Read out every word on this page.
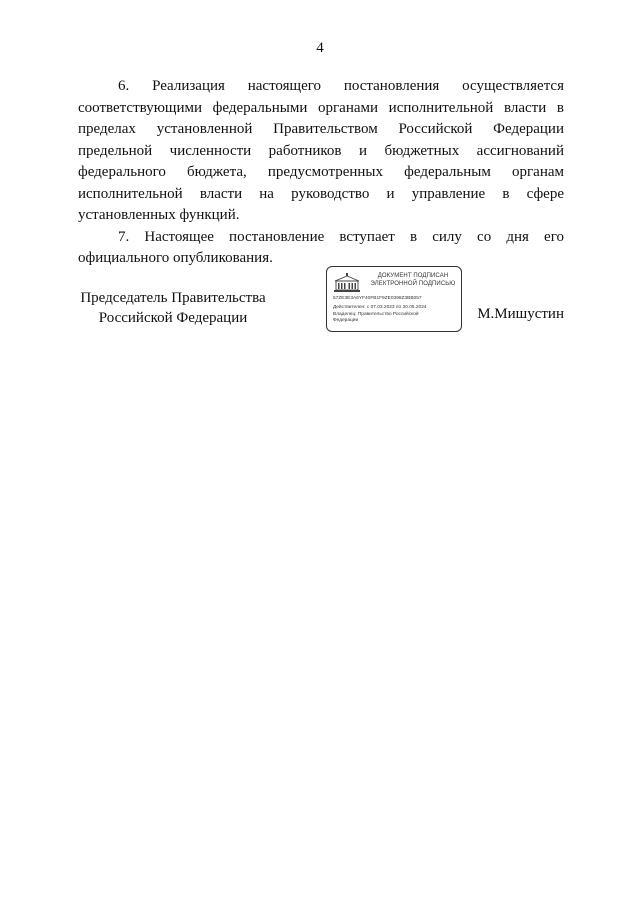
4

6. Реализация настоящего постановления осуществляется соответствующими федеральными органами исполнительной власти в пределах установленной Правительством Российской Федерации предельной численности работников и бюджетных ассигнований федерального бюджета, предусмотренных федеральным органам исполнительной власти на руководство и управление в сфере установленных функций.

7. Настоящее постановление вступает в силу со дня его официального опубликования.

Председатель Правительства
Российской Федерации
ДОКУМЕНТ ПОДПИСАН
ЭЛЕКТРОННОЙ ПОДПИСЬЮ
57ZE3E3A6YF40FB1F9ZE0398Z3ВВ057
Действителен: с 07.03.2023 по 30.05.2024
Владелец: Правительство Российской
Федерации	М.Мишустин
